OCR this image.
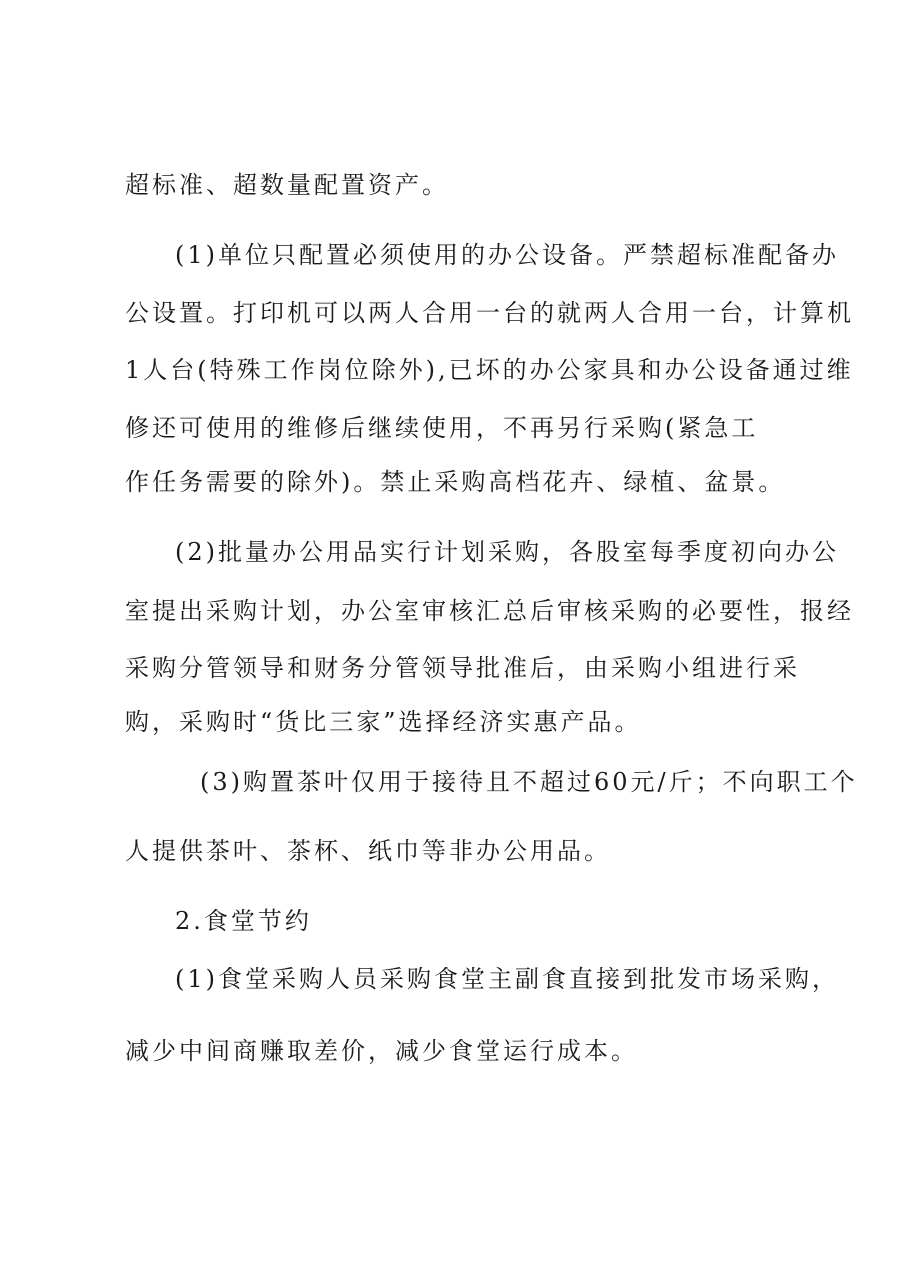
超标准、超数量配置资产。
(1)单位只配置必须使用的办公设备。严禁超标准配备办
公设置。打印机可以两人合用一台的就两人合用一台，计算机
1人台(特殊工作岗位除外),已坏的办公家具和办公设备通过维
修还可使用的维修后继续使用，不再另行采购(紧急工
作任务需要的除外)。禁止采购高档花卉、绿植、盆景。
(2)批量办公用品实行计划采购，各股室每季度初向办公
室提出采购计划，办公室审核汇总后审核采购的必要性，报经
采购分管领导和财务分管领导批准后，由采购小组进行采
购，采购时“货比三家”选择经济实惠产品。
(3)购置茶叶仅用于接待且不超过60元/斤；不向职工个
人提供茶叶、茶杯、纸巾等非办公用品。
2.食堂节约
(1)食堂采购人员采购食堂主副食直接到批发市场采购，
减少中间商赚取差价，减少食堂运行成本。
